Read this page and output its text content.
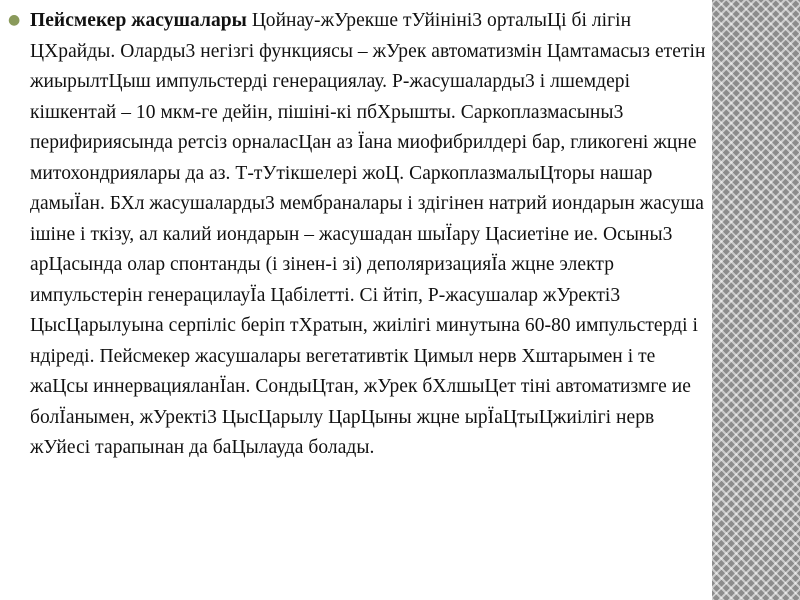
● Пейсмекер жасушалары Цойнау-жУрекше тУйініні3 орталыЦі бі лігін ЦХрайды. Оларды3 негізгі функциясы – жУрек автоматизмін Цамтамасыз ететін жиырылтЦыш импульстерді генерациялау. Р-жасушаларды3 і лшемдері кішкентай – 10 мкм-ге дейін, пішіні-кі пбХрышты. Саркоплазмасыны3 перифириясында ретсіз орналасЦан аз Їана миофибрилдері бар, гликогені жцне митохондриялары да аз. Т-тУтікшелері жоЦ. СаркоплазмалыЦторы нашар дамыЇан. БХл жасушаларды3 мембраналары і здігінен натрий иондарын жасуша ішіне і ткізу, ал калий иондарын – жасушадан шыЇару Цасиетіне ие. Осыны3 арЦасында олар спонтанды (і зінен-і зі) деполяризацияЇа жцне электр импульстерін генерацилауЇа Цабілетті. Сі йтіп, Р-жасушалар жУректі3 ЦысЦарылуына серпіліс беріп тХратын, жиілігі минутына 60-80 импульстерді і ндіреді. Пейсмекер жасушалары вегетативтік Цимыл нерв Хштарымен і те жаЦсы иннервацияланЇан. СондыЦтан, жУрек бХлшыЦет тіні автоматизмге ие болЇанымен, жУректі3 ЦысЦарылу ЦарЦыны жцне ырЇаЦтыЦжиілігі нерв жУйесі тарапынан да баЦылауда болады.
